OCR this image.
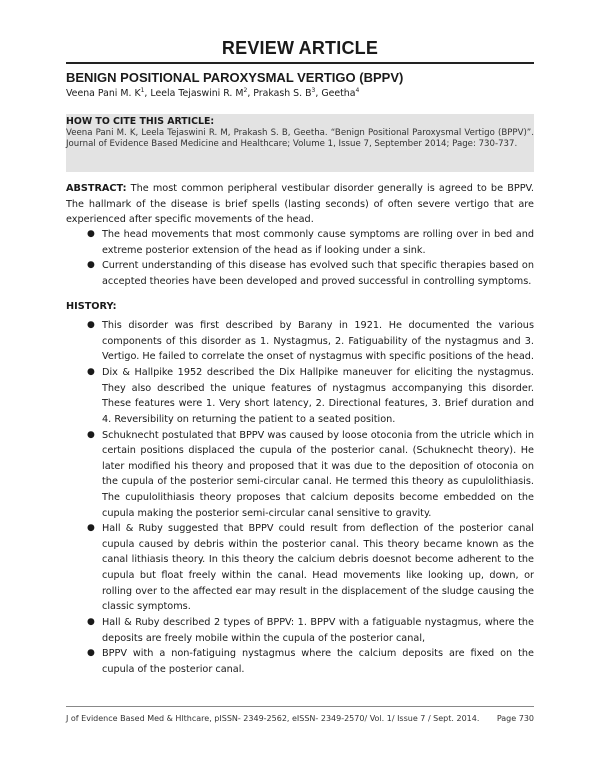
REVIEW ARTICLE
BENIGN POSITIONAL PAROXYSMAL VERTIGO (BPPV)
Veena Pani M. $K^1$, Leela Tejaswini R. $M^2$, Prakash S. $B^3$, Geetha$^4$
HOW TO CITE THIS ARTICLE:
Veena Pani M. K, Leela Tejaswini R. M, Prakash S. B, Geetha. “Benign Positional Paroxysmal Vertigo (BPPV)”. Journal of Evidence Based Medicine and Healthcare; Volume 1, Issue 7, September 2014; Page: 730-737.
ABSTRACT: The most common peripheral vestibular disorder generally is agreed to be BPPV. The hallmark of the disease is brief spells (lasting seconds) of often severe vertigo that are experienced after specific movements of the head.
● The head movements that most commonly cause symptoms are rolling over in bed and extreme posterior extension of the head as if looking under a sink.
● Current understanding of this disease has evolved such that specific therapies based on accepted theories have been developed and proved successful in controlling symptoms.
HISTORY:
● This disorder was first described by Barany in 1921. He documented the various components of this disorder as 1. Nystagmus, 2. Fatiguability of the nystagmus and 3. Vertigo. He failed to correlate the onset of nystagmus with specific positions of the head.
● Dix & Hallpike 1952 described the Dix Hallpike maneuver for eliciting the nystagmus. They also described the unique features of nystagmus accompanying this disorder. These features were 1. Very short latency, 2. Directional features, 3. Brief duration and 4. Reversibility on returning the patient to a seated position.
● Schuknecht postulated that BPPV was caused by loose otoconia from the utricle which in certain positions displaced the cupula of the posterior canal. (Schuknecht theory). He later modified his theory and proposed that it was due to the deposition of otoconia on the cupula of the posterior semi-circular canal. He termed this theory as cupulolithiasis. The cupulolithiasis theory proposes that calcium deposits become embedded on the cupula making the posterior semi-circular canal sensitive to gravity.
● Hall & Ruby suggested that BPPV could result from deflection of the posterior canal cupula caused by debris within the posterior canal. This theory became known as the canal lithiasis theory. In this theory the calcium debris doesnot become adherent to the cupula but float freely within the canal. Head movements like looking up, down, or rolling over to the affected ear may result in the displacement of the sludge causing the classic symptoms.
● Hall & Ruby described 2 types of BPPV: 1. BPPV with a fatiguable nystagmus, where the deposits are freely mobile within the cupula of the posterior canal,
● BPPV with a non-fatiguing nystagmus where the calcium deposits are fixed on the cupula of the posterior canal.
J of Evidence Based Med & Hlthcare, pISSN- 2349-2562, eISSN- 2349-2570/ Vol. 1/ Issue 7 / Sept. 2014. Page 730
